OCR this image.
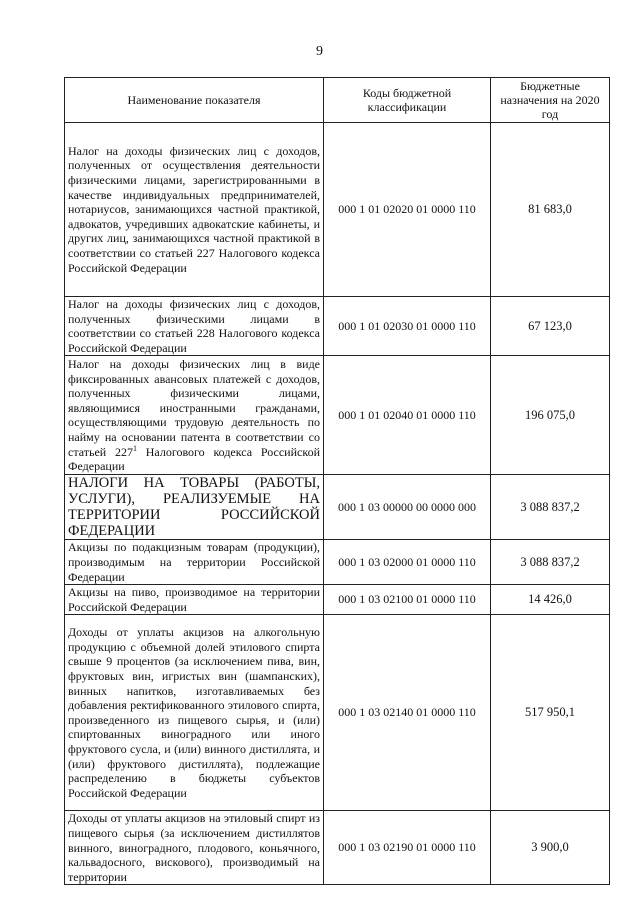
9
Наименование показателя	Коды бюджетной классификации	Бюджетные назначения на 2020 год
Налог на доходы физических лиц с доходов, полученных от осуществления деятельности физическими лицами, зарегистрированными в качестве индивидуальных предпринимателей, нотариусов, занимающихся частной практикой, адвокатов, учредивших адвокатские кабинеты, и других лиц, занимающихся частной практикой в соответствии со статьей 227 Налогового кодекса Российской Федерации	000 1 01 02020 01 0000 110	81 683,0
Налог на доходы физических лиц с доходов, полученных физическими лицами в соответствии со статьей 228 Налогового кодекса Российской Федерации	000 1 01 02030 01 0000 110	67 123,0
Налог на доходы физических лиц в виде фиксированных авансовых платежей с доходов, полученных физическими лицами, являющимися иностранными гражданами, осуществляющими трудовую деятельность по найму на основании патента в соответствии со статьей $227^1$ Налогового кодекса Российской Федерации	000 1 01 02040 01 0000 110	196 075,0
НАЛОГИ НА ТОВАРЫ (РАБОТЫ, УСЛУГИ), РЕАЛИЗУЕМЫЕ НА ТЕРРИТОРИИ РОССИЙСКОЙ ФЕДЕРАЦИИ	000 1 03 00000 00 0000 000	3 088 837,2
Акцизы по подакцизным товарам (продукции), производимым на территории Российской Федерации	000 1 03 02000 01 0000 110	3 088 837,2
Акцизы на пиво, производимое на территории Российской Федерации	000 1 03 02100 01 0000 110	14 426,0
Доходы от уплаты акцизов на алкогольную продукцию с объемной долей этилового спирта свыше 9 процентов (за исключением пива, вин, фруктовых вин, игристых вин (шампанских), винных напитков, изготавливаемых без добавления ректификованного этилового спирта, произведенного из пищевого сырья, и (или) спиртованных виноградного или иного фруктового сусла, и (или) винного дистиллята, и (или) фруктового дистиллята), подлежащие распределению в бюджеты субъектов Российской Федерации	000 1 03 02140 01 0000 110	517 950,1
Доходы от уплаты акцизов на этиловый спирт из пищевого сырья (за исключением дистиллятов винного, виноградного, плодового, коньячного, кальвадосного, вискового), производимый на территории	000 1 03 02190 01 0000 110	3 900,0
